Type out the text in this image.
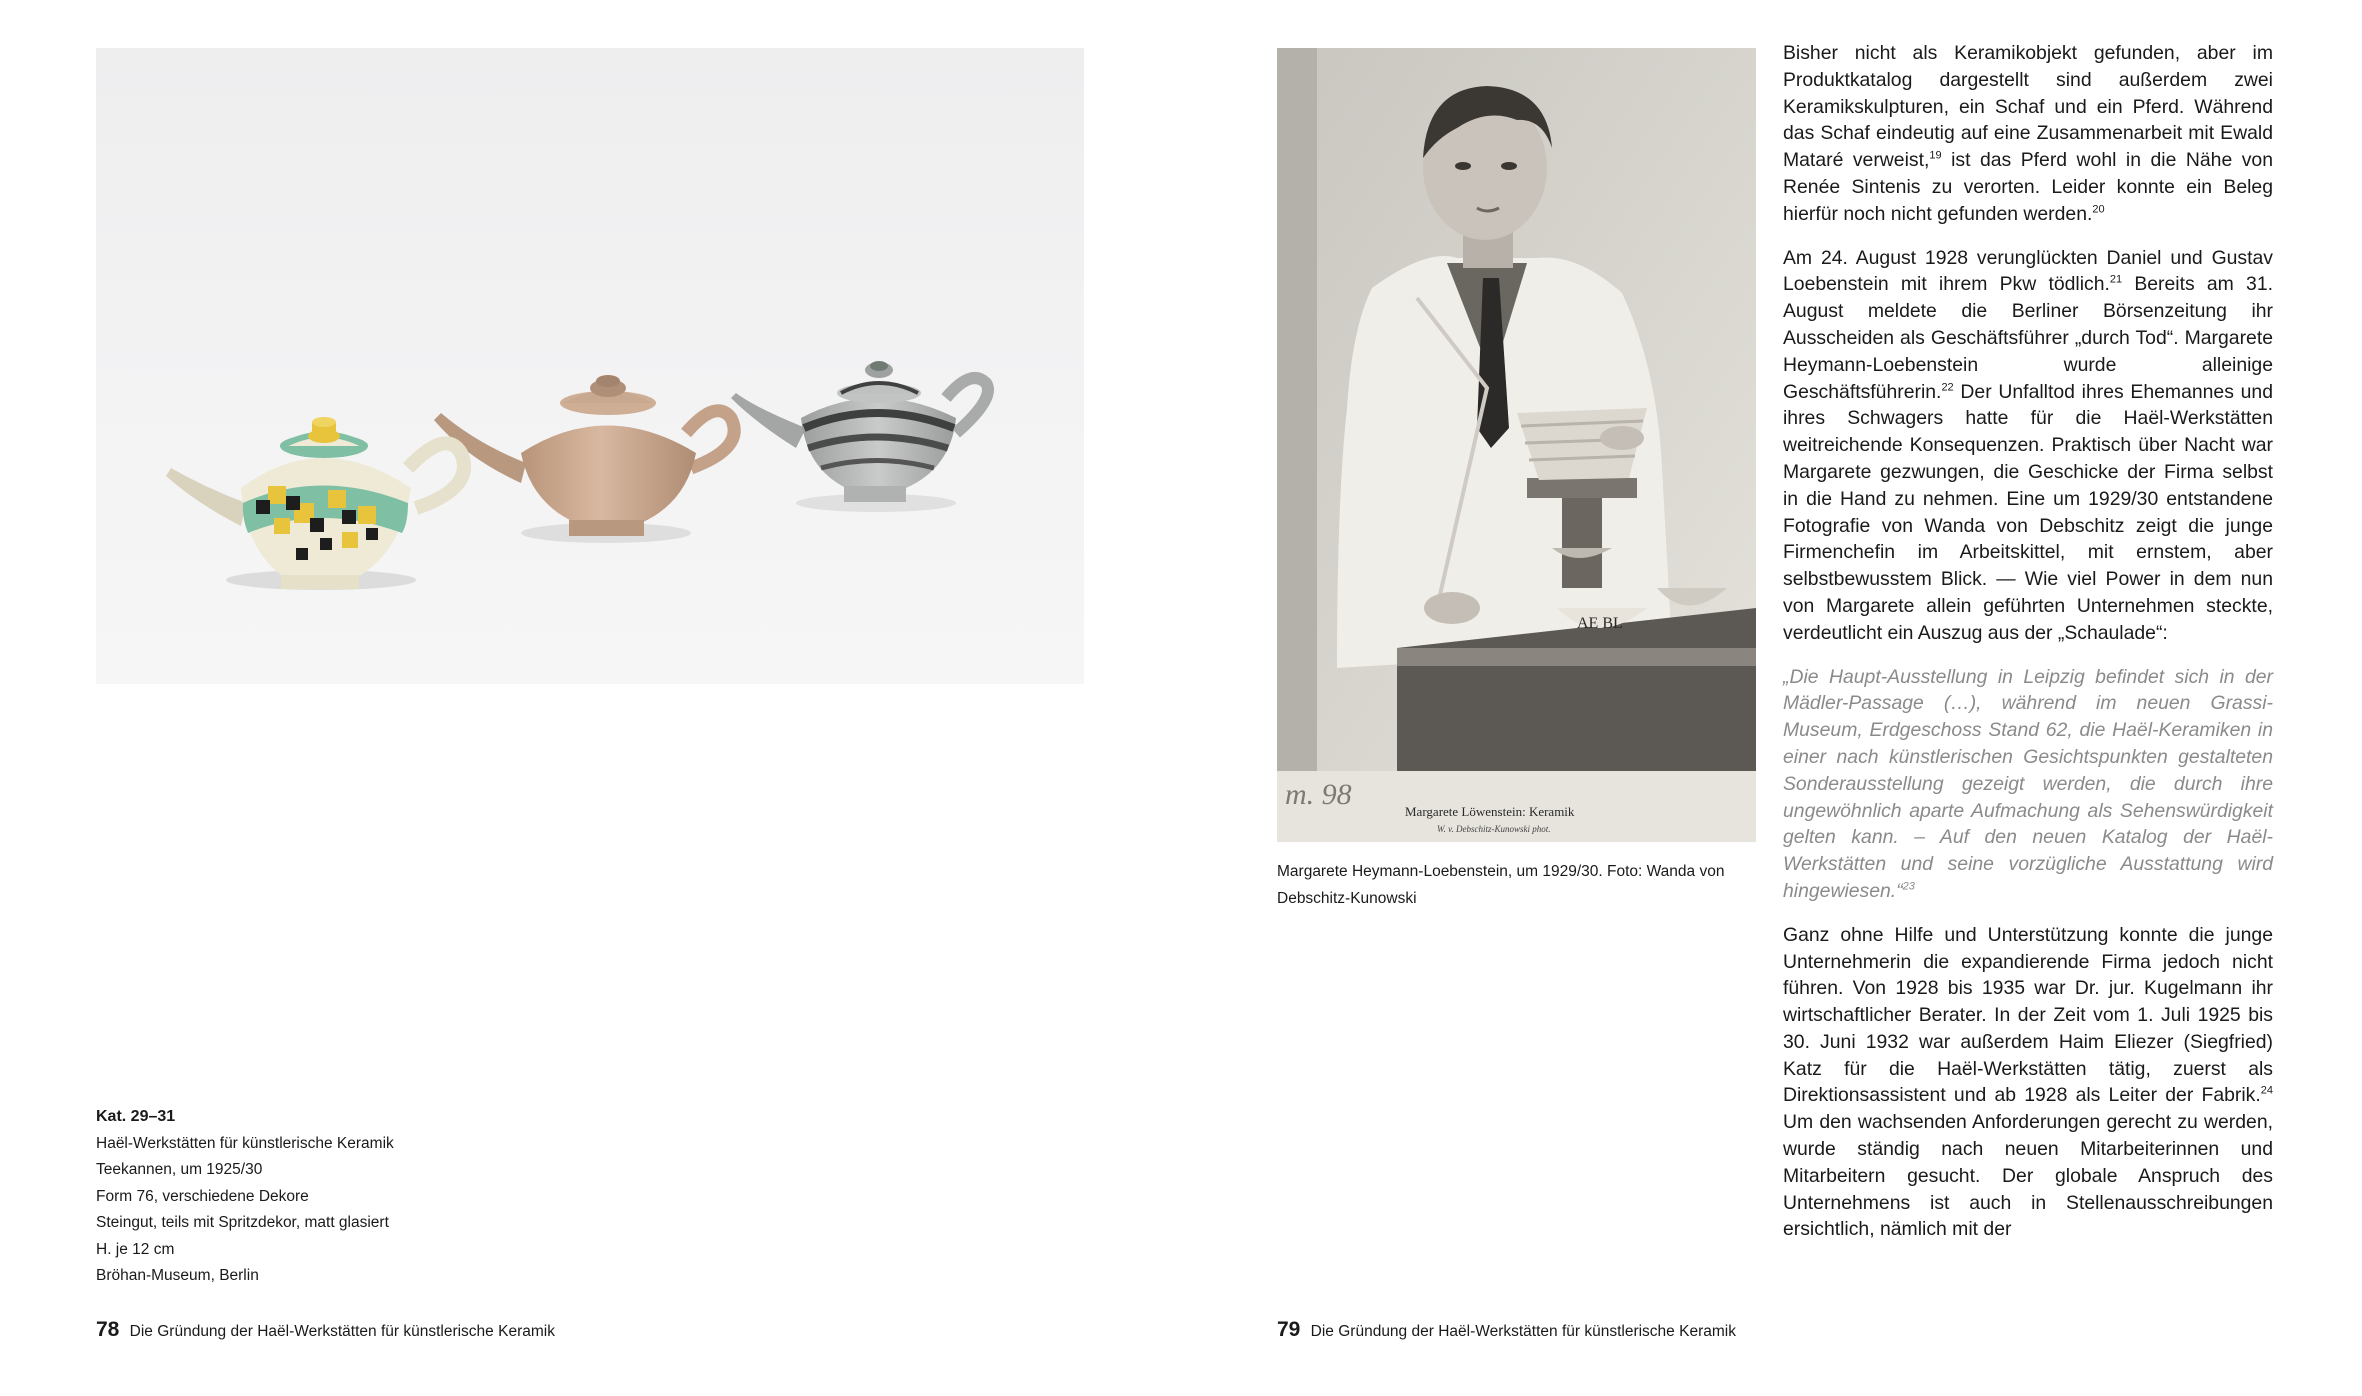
Kat. 29–31
Haël-Werkstätten für künstlerische Keramik
Teekannen, um 1925/30
Form 76, verschiedene Dekore
Steingut, teils mit Spritzdekor, matt glasiert
H. je 12 cm
Bröhan-Museum, Berlin
78 Die Gründung der Haël-Werkstätten für künstlerische Keramik
AE BL
m. 98
Margarete Löwenstein: Keramik
W. v. Debschitz-Kunowski phot.
Margarete Heymann-Loebenstein, um 1929/30. Foto: Wanda von
Debschitz-Kunowski

Bisher nicht als Keramikobjekt gefunden, aber im Produktkatalog dargestellt sind außerdem zwei Keramikskulpturen, ein Schaf und ein Pferd. Während das Schaf eindeutig auf eine Zusammenarbeit mit Ewald Mataré verweist,$^{19}$ ist das Pferd wohl in die Nähe von Renée Sintenis zu verorten. Leider konnte ein Beleg hierfür noch nicht gefunden werden.$^{20}$

Am 24. August 1928 verunglückten Daniel und Gustav Loebenstein mit ihrem Pkw tödlich.$^{21}$ Bereits am 31. August meldete die Berliner Börsenzeitung ihr Ausscheiden als Geschäftsführer „durch Tod“. Margarete Heymann-Loebenstein wurde alleinige Geschäftsführerin.$^{22}$ Der Unfalltod ihres Ehemannes und ihres Schwagers hatte für die Haël-Werkstätten weitreichende Konsequenzen. Praktisch über Nacht war Margarete gezwungen, die Geschicke der Firma selbst in die Hand zu nehmen. Eine um 1929/30 entstandene Fotografie von Wanda von Debschitz zeigt die junge Firmenchefin im Arbeitskittel, mit ernstem, aber selbstbewusstem Blick. — Wie viel Power in dem nun von Margarete allein geführten Unternehmen steckte, verdeutlicht ein Auszug aus der „Schaulade“:

„Die Haupt-Ausstellung in Leipzig befindet sich in der Mädler-Passage (…), während im neuen Grassi-Museum, Erdgeschoss Stand 62, die Haël-Keramiken in einer nach künstlerischen Gesichtspunkten gestalteten Sonderausstellung gezeigt werden, die durch ihre ungewöhnlich aparte Aufmachung als Sehenswürdigkeit gelten kann. – Auf den neuen Katalog der Haël-Werkstätten und seine vorzügliche Ausstattung wird hingewiesen.“$^{23}$

Ganz ohne Hilfe und Unterstützung konnte die junge Unternehmerin die expandierende Firma jedoch nicht führen. Von 1928 bis 1935 war Dr. jur. Kugelmann ihr wirtschaftlicher Berater. In der Zeit vom 1. Juli 1925 bis 30. Juni 1932 war außerdem Haim Eliezer (Siegfried) Katz für die Haël-Werkstätten tätig, zuerst als Direktionsassistent und ab 1928 als Leiter der Fabrik.$^{24}$ Um den wachsenden Anforderungen gerecht zu werden, wurde ständig nach neuen Mitarbeiterinnen und Mitarbeitern gesucht. Der globale Anspruch des Unternehmens ist auch in Stellenausschreibungen ersichtlich, nämlich mit der

79 Die Gründung der Haël-Werkstätten für künstlerische Keramik
